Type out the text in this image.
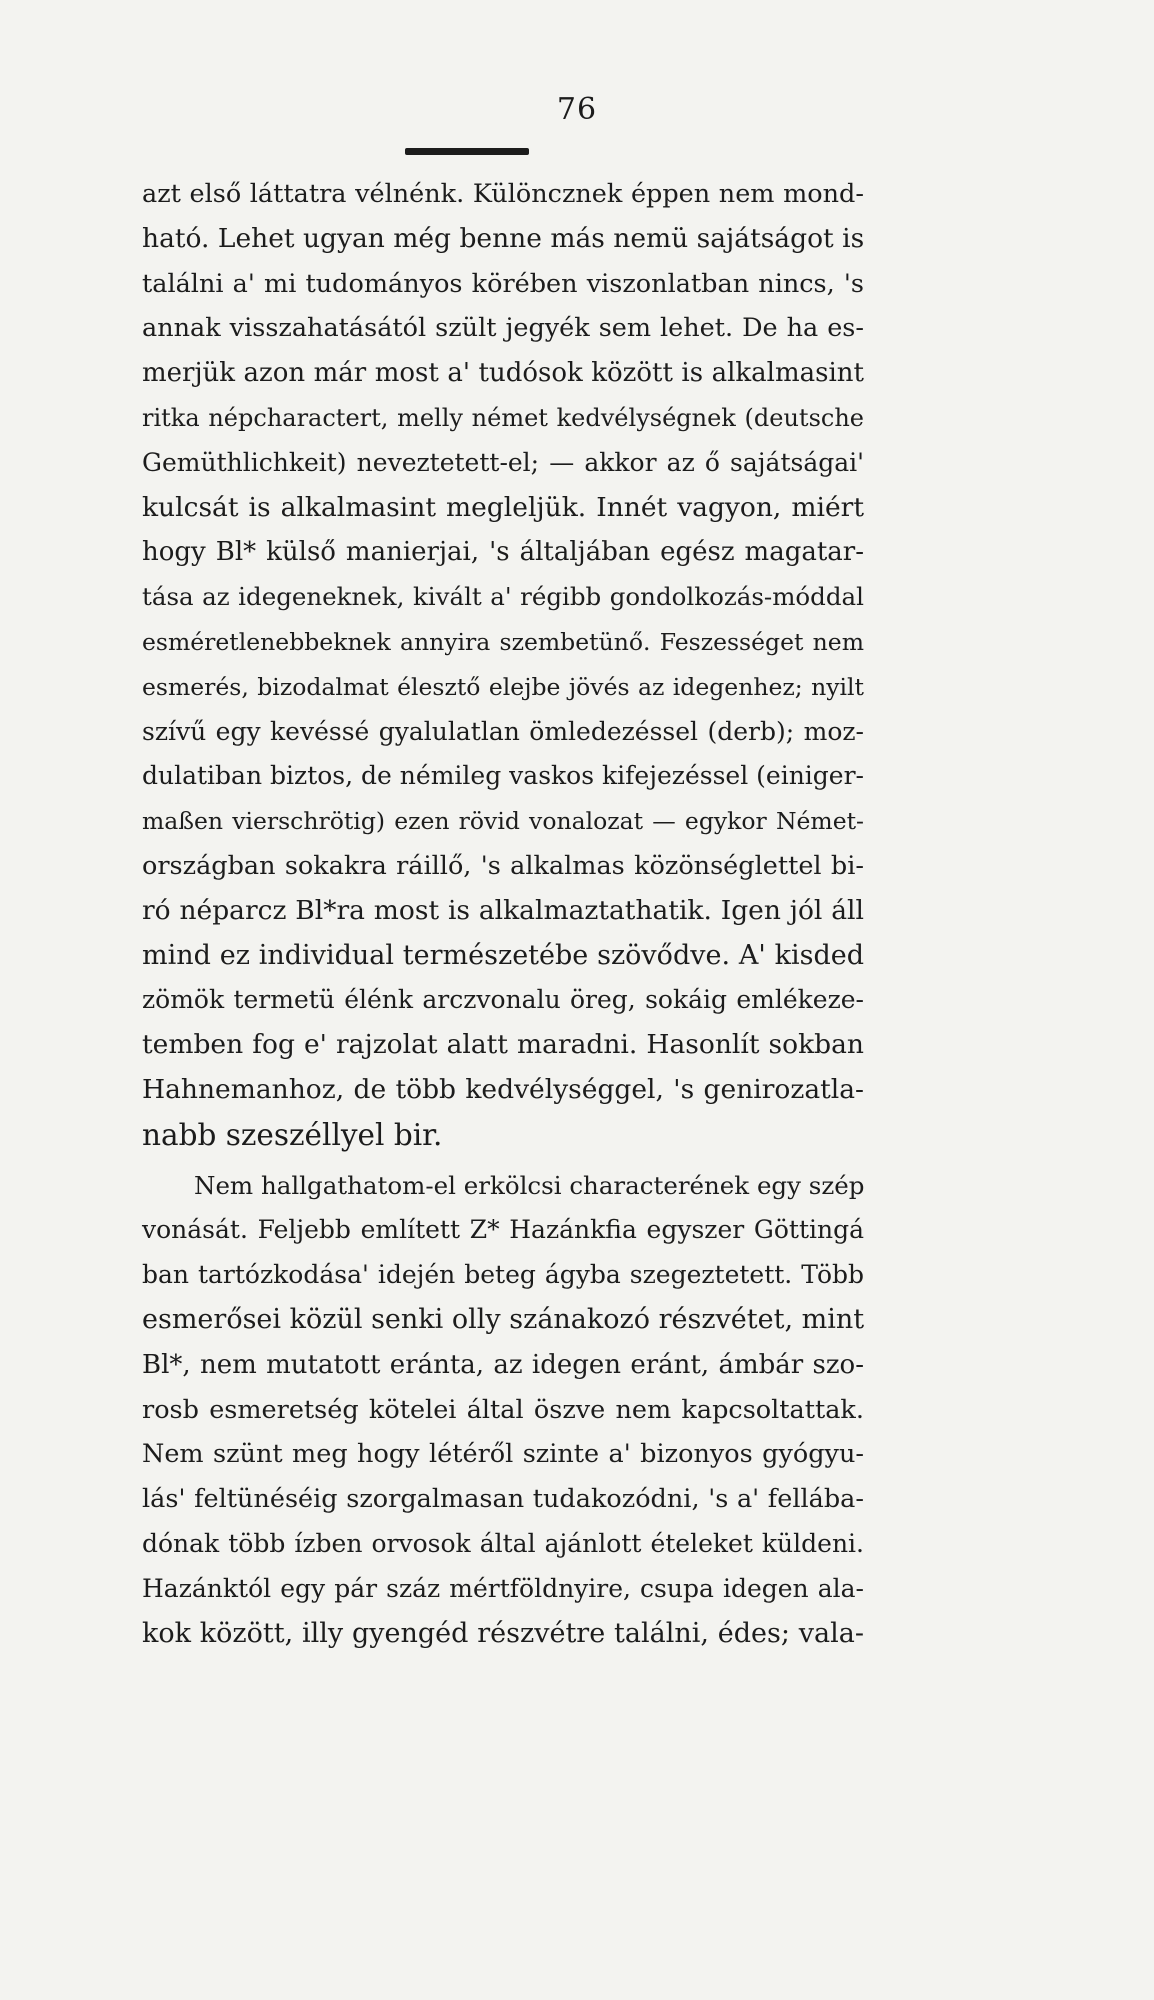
76
azt első láttatra vélnénk. Különcznek éppen nem mond-
ható. Lehet ugyan még benne más nemü sajátságot is
találni a' mi tudományos körében viszonlatban nincs, 's
annak visszahatásától szült jegyék sem lehet. De ha es-
merjük azon már most a' tudósok között is alkalmasint
ritka népcharactert, melly német kedvélységnek (deutsche
Gemüthlichkeit) neveztetett-el; — akkor az ő sajátságai'
kulcsát is alkalmasint megleljük. Innét vagyon, miért
hogy Bl* külső manierjai, 's általjában egész magatar-
tása az idegeneknek, kivált a' régibb gondolkozás-móddal
esméretlenebbeknek annyira szembetünő. Feszességet nem
esmerés, bizodalmat élesztő elejbe jövés az idegenhez; nyilt
szívű egy kevéssé gyalulatlan ömledezéssel (derb); moz-
dulatiban biztos, de némileg vaskos kifejezéssel (einiger-
maßen vierschrötig) ezen rövid vonalozat — egykor Német-
országban sokakra ráillő, 's alkalmas közönséglettel bi-
ró néparcz Bl*ra most is alkalmaztathatik. Igen jól áll
mind ez individual természetébe szövődve. A' kisded
zömök termetü élénk arczvonalu öreg, sokáig emlékeze-
temben fog e' rajzolat alatt maradni. Hasonlít sokban
Hahnemanhoz, de több kedvélységgel, 's genirozatla-
nabb szeszéllyel bir.
Nem hallgathatom-el erkölcsi characterének egy szép
vonását. Feljebb említett Z* Hazánkfia egyszer Göttingá
ban tartózkodása' idején beteg ágyba szegeztetett. Több
esmerősei közül senki olly szánakozó részvétet, mint
Bl*, nem mutatott eránta, az idegen eránt, ámbár szo-
rosb esmeretség kötelei által öszve nem kapcsoltattak.
Nem szünt meg hogy létéről szinte a' bizonyos gyógyu-
lás' feltünéséig szorgalmasan tudakozódni, 's a' fellába-
dónak több ízben orvosok által ajánlott ételeket küldeni.
Hazánktól egy pár száz mértföldnyire, csupa idegen ala-
kok között, illy gyengéd részvétre találni, édes; vala-
